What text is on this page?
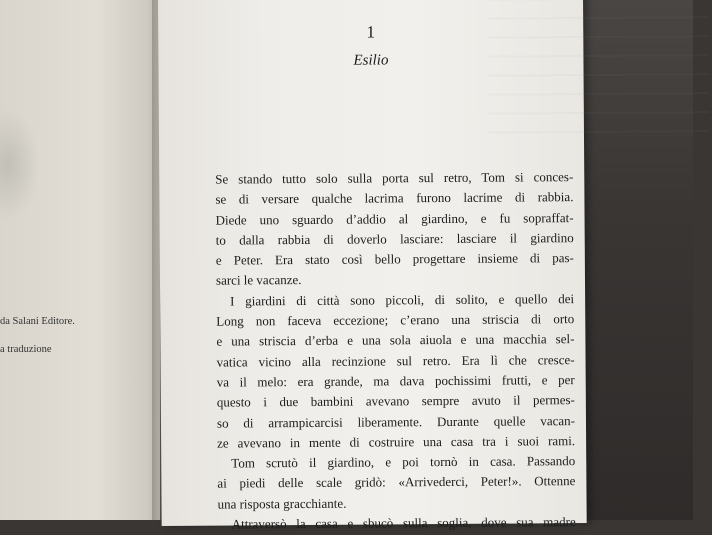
da Salani Editore.
a traduzione
1
Esilio
Se stando tutto solo sulla porta sul retro, Tom si conces-
se di versare qualche lacrima furono lacrime di rabbia.
Diede uno sguardo d’addio al giardino, e fu sopraffat-
to dalla rabbia di doverlo lasciare: lasciare il giardino
e Peter. Era stato così bello progettare insieme di pas-
sarci le vacanze.
I giardini di città sono piccoli, di solito, e quello dei
Long non faceva eccezione; c’erano una striscia di orto
e una striscia d’erba e una sola aiuola e una macchia sel-
vatica vicino alla recinzione sul retro. Era lì che cresce-
va il melo: era grande, ma dava pochissimi frutti, e per
questo i due bambini avevano sempre avuto il permes-
so di arrampicarcisi liberamente. Durante quelle vacan-
ze avevano in mente di costruire una casa tra i suoi rami.
Tom scrutò il giardino, e poi tornò in casa. Passando
ai piedi delle scale gridò: «Arrivederci, Peter!». Ottenne
una risposta gracchiante.
Attraversò la casa e sbucò sulla soglia, dove sua madre
